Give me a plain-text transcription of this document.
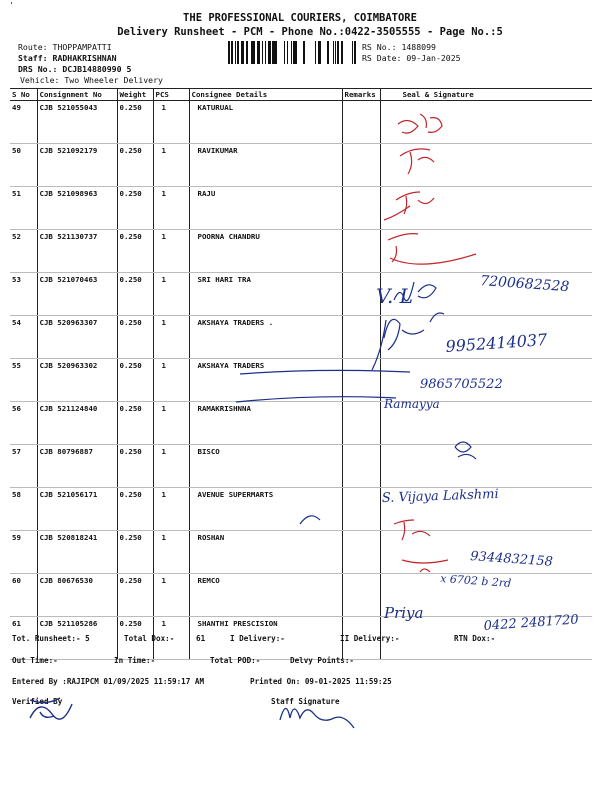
'
THE PROFESSIONAL COURIERS, COIMBATORE
Delivery Runsheet - PCM - Phone No.:0422-3505555 - Page No.:5
Route: THOPPAMPATTI
Staff: RADHAKRISHNAN
DRS No.: DCJB14880990 5
Vehicle: Two Wheeler Delivery
RS No.: 1488099
RS Date: 09-Jan-2025
S No	Consignment No	Weight	PCS	Consignee Details	Remarks	Seal & Signature
49	CJB 521055043	0.250	1	KATURUAL		
50	CJB 521092179	0.250	1	RAVIKUMAR		
51	CJB 521098963	0.250	1	RAJU		
52	CJB 521130737	0.250	1	POORNA CHANDRU		
53	CJB 521070463	0.250	1	SRI HARI TRA		
54	CJB 520963307	0.250	1	AKSHAYA TRADERS .		
55	CJB 520963302	0.250	1	AKSHAYA TRADERS		
56	CJB 521124840	0.250	1	RAMAKRISHNNA		
57	CJB 80796887	0.250	1	BISCO		
58	CJB 521056171	0.250	1	AVENUE SUPERMARTS		
59	CJB 520818241	0.250	1	ROSHAN		
60	CJB 80676530	0.250	1	REMCO		
61	CJB 521105286	0.250	1	SHANTHI PRESCISION		
Tot. Runsheet:- 5	Total Dox:-	61	I Delivery:-	II Delivery:-	RTN Dox:-
Out Time:-	In Time:-	Total POD:-	Delvy Points:-
Entered By :RAJIPCM 01/09/2025 11:59:17 AM	Printed On: 09-01-2025 11:59:25
Verified By	Staff Signature
V. L	7200682528
9952414037
9865705522
Ramayya
S. Vijaya Lakshmi
9344832158
x 6702 b 2rd
Priya	0422 2481720
